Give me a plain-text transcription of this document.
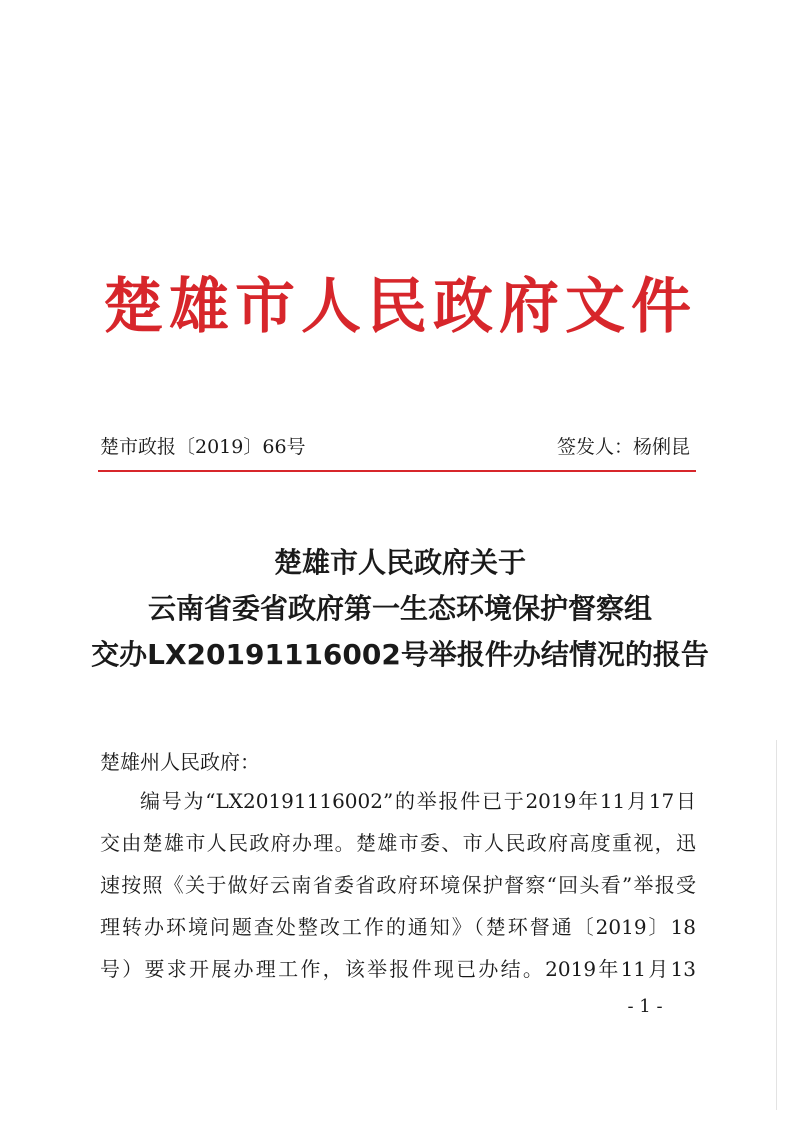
楚雄市人民政府文件
楚市政报〔2019〕66号	签发人：杨俐昆
楚雄市人民政府关于
云南省委省政府第一生态环境保护督察组
交办LX20191116002号举报件办结情况的报告
楚雄州人民政府：
编号为“LX20191116002”的举报件已于2019年11月17日
交由楚雄市人民政府办理。楚雄市委、市人民政府高度重视，迅
速按照《关于做好云南省委省政府环境保护督察“回头看”举报受
理转办环境问题查处整改工作的通知》（楚环督通〔2019〕18
号）要求开展办理工作，该举报件现已办结。2019年11月13
- 1 -
